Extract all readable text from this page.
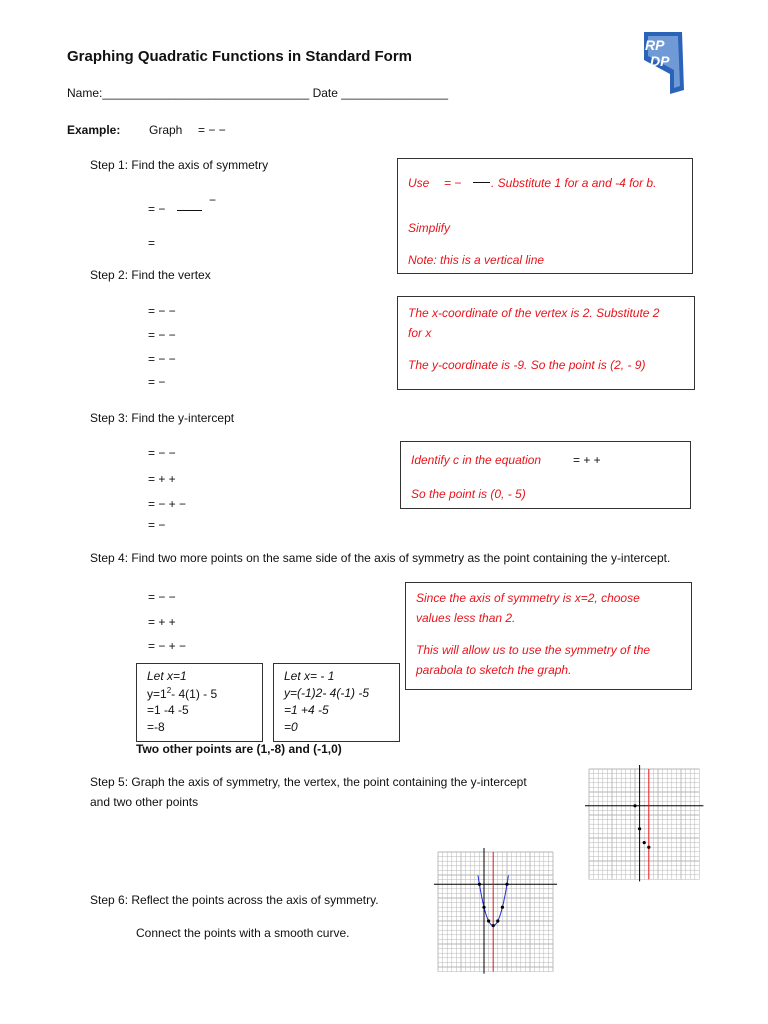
Graphing Quadratic Functions in Standard Form
RP
DP
Name:_______________________________ Date ________________
Example: Graph = − −
Step 1: Find the axis of symmetry
−
= −
=
Use = − . Substitute 1 for a and -4 for b.
Simplify
Note: this is a vertical line
Step 2: Find the vertex
= − −
= − −
= − −
= −
The x-coordinate of the vertex is 2. Substitute 2
for x
The y-coordinate is -9. So the point is (2, - 9)
Step 3: Find the y-intercept
= − −
= + +
= − + −
= −
Identify c in the equation	= + +
So the point is (0, - 5)
Step 4: Find two more points on the same side of the axis of symmetry as the point containing the y-intercept.
= − −
= + +
= − + −
Since the axis of symmetry is x=2, choose
values less than 2.
This will allow us to use the symmetry of the
parabola to sketch the graph.
Let x=1
$y=1^2-$ 4(1) - 5
=1 -4 -5
=-8
Let x= - 1
y=(-1)2- 4(-1) -5
=1 +4 -5
=0
Two other points are (1,-8) and (-1,0)
Step 5: Graph the axis of symmetry, the vertex, the point containing the y-intercept
and two other points
Step 6: Reflect the points across the axis of symmetry.
Connect the points with a smooth curve.
